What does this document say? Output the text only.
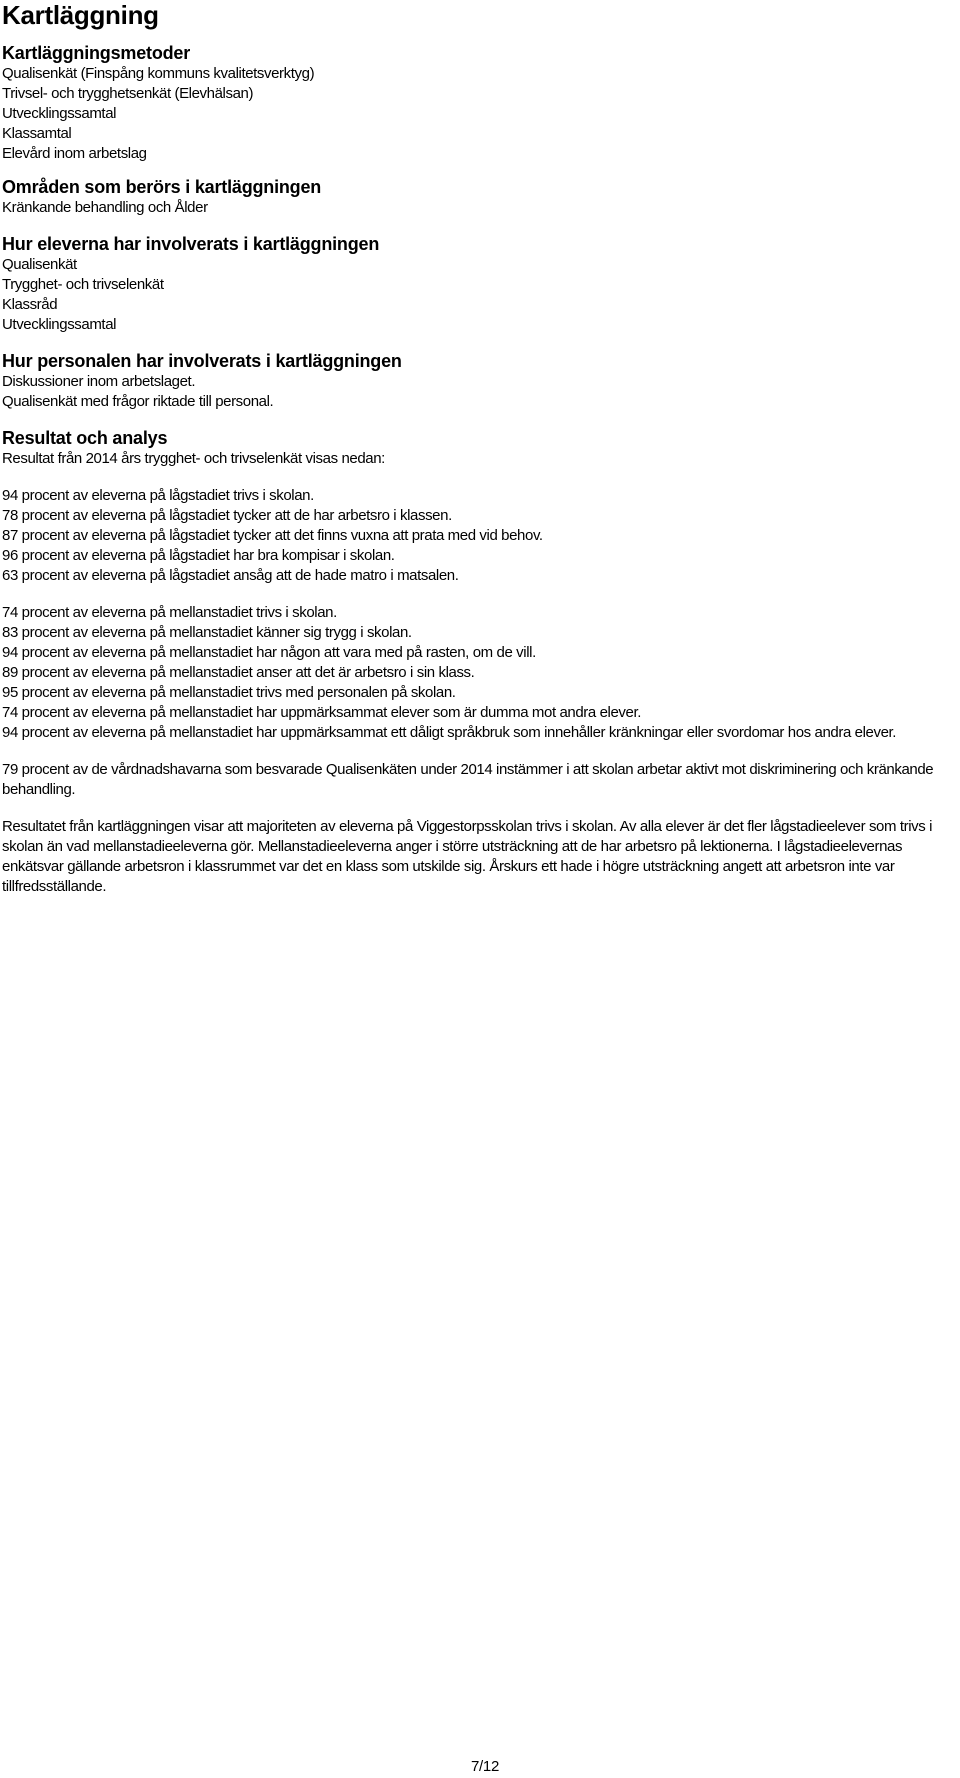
Kartläggning
Kartläggningsmetoder

Qualisenkät (Finspång kommuns kvalitetsverktyg)

Trivsel- och trygghetsenkät (Elevhälsan)

Utvecklingssamtal

Klassamtal

Elevård inom arbetslag

Områden som berörs i kartläggningen

Kränkande behandling och Ålder

Hur eleverna har involverats i kartläggningen

Qualisenkät

Trygghet- och trivselenkät

Klassråd

Utvecklingssamtal

Hur personalen har involverats i kartläggningen

Diskussioner inom arbetslaget.

Qualisenkät med frågor riktade till personal.

Resultat och analys

Resultat från 2014 års trygghet- och trivselenkät visas nedan:

94 procent av eleverna på lågstadiet trivs i skolan.

78 procent av eleverna på lågstadiet tycker att de har arbetsro i klassen.

87 procent av eleverna på lågstadiet tycker att det finns vuxna att prata med vid behov.

96 procent av eleverna på lågstadiet har bra kompisar i skolan.

63 procent av eleverna på lågstadiet ansåg att de hade matro i matsalen.

74 procent av eleverna på mellanstadiet trivs i skolan.

83 procent av eleverna på mellanstadiet känner sig trygg i skolan.

94 procent av eleverna på mellanstadiet har någon att vara med på rasten, om de vill.

89 procent av eleverna på mellanstadiet anser att det är arbetsro i sin klass.

95 procent av eleverna på mellanstadiet trivs med personalen på skolan.

74 procent av eleverna på mellanstadiet har uppmärksammat elever som är dumma mot andra elever.

94 procent av eleverna på mellanstadiet har uppmärksammat ett dåligt språkbruk som innehåller kränkningar eller svordomar hos andra elever.

79 procent av de vårdnadshavarna som besvarade Qualisenkäten under 2014 instämmer i att skolan arbetar aktivt mot diskriminering och kränkande behandling.

Resultatet från kartläggningen visar att majoriteten av eleverna på Viggestorpsskolan trivs i skolan. Av alla elever är det fler lågstadieelever som trivs i skolan än vad mellanstadieeleverna gör. Mellanstadieeleverna anger i större utsträckning att de har arbetsro på lektionerna. I lågstadieelevernas enkätsvar gällande arbetsron i klassrummet var det en klass som utskilde sig. Årskurs ett hade i högre utsträckning angett att arbetsron inte var tillfredsställande.

7/12
